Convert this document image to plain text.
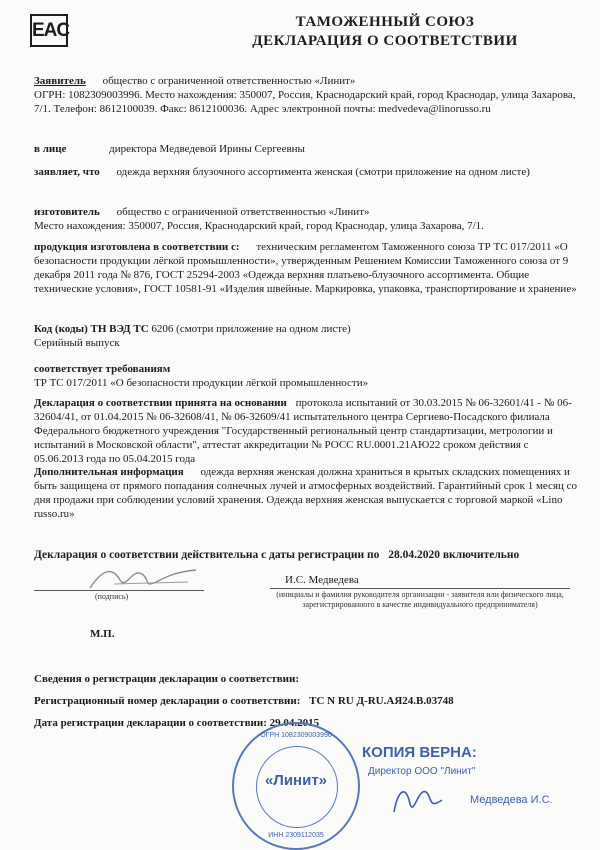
EAC	ТАМОЖЕННЫЙ СОЮЗ
ДЕКЛАРАЦИЯ О СООТВЕТСТВИИ
Заявитель общество с ограниченной ответственностью «Линит»
ОГРН: 1082309003996. Место нахождения: 350007, Россия, Краснодарский край, город Краснодар, улица Захарова, 7/1. Телефон: 8612100039. Факс: 8612100036. Адрес электронной почты: medvedeva@linorusso.ru
в лице	директора Медведевой Ирины Сергеевны
заявляет, что одежда верхняя блузочного ассортимента женская (смотри приложение на одном листе)
изготовитель общество с ограниченной ответственностью «Линит»
Место нахождения: 350007, Россия, Краснодарский край, город Краснодар, улица Захарова, 7/1.
продукция изготовлена в соответствии с: техническим регламентом Таможенного союза ТР ТС 017/2011 «О безопасности продукции лёгкой промышленности», утвержденным Решением Комиссии Таможенного союза от 9 декабря 2011 года № 876, ГОСТ 25294-2003 «Одежда верхняя платьево-блузочного ассортимента. Общие технические условия», ГОСТ 10581-91 «Изделия швейные. Маркировка, упаковка, транспортирование и хранение»
Код (коды) ТН ВЭД ТС 6206 (смотри приложение на одном листе)
Серийный выпуск
соответствует требованиям
ТР ТС 017/2011 «О безопасности продукции лёгкой промышленности»
Декларация о соответствии принята на основании протокола испытаний от 30.03.2015 № 06-32601/41 - № 06-32604/41, от 01.04.2015 № 06-32608/41, № 06-32609/41 испытательного центра Сергиево-Посадского филиала Федерального бюджетного учреждения "Государственный региональный центр стандартизации, метрологии и испытаний в Московской области", аттестат аккредитации № РОСС RU.0001.21АЮ22 сроком действия с 05.06.2013 года по 05.04.2015 года
Дополнительная информация одежда верхняя женская должна храниться в крытых складских помещениях и быть защищена от прямого попадания солнечных лучей и атмосферных воздействий. Гарантийный срок 1 месяц со дня продажи при соблюдении условий хранения. Одежда верхняя женская выпускается с торговой маркой «Lino russo.ru»
Декларация о соответствии действительна с даты регистрации по 28.04.2020 включительно
(подпись)
И.С. Медведева
(инициалы и фамилия руководителя организации - заявителя или физического лица, зарегистрированного в качестве индивидуального предпринимателя)
М.П.
Сведения о регистрации декларации о соответствии:
Регистрационный номер декларации о соответствии: ТС N RU Д-RU.АЯ24.В.03748
Дата регистрации декларации о соответствии: 29.04.2015
ОГРН 1082309003996
«Линит»
ИНН 2309112035
КОПИЯ ВЕРНА:
Директор ООО "Линит"
Медведева И.С.
